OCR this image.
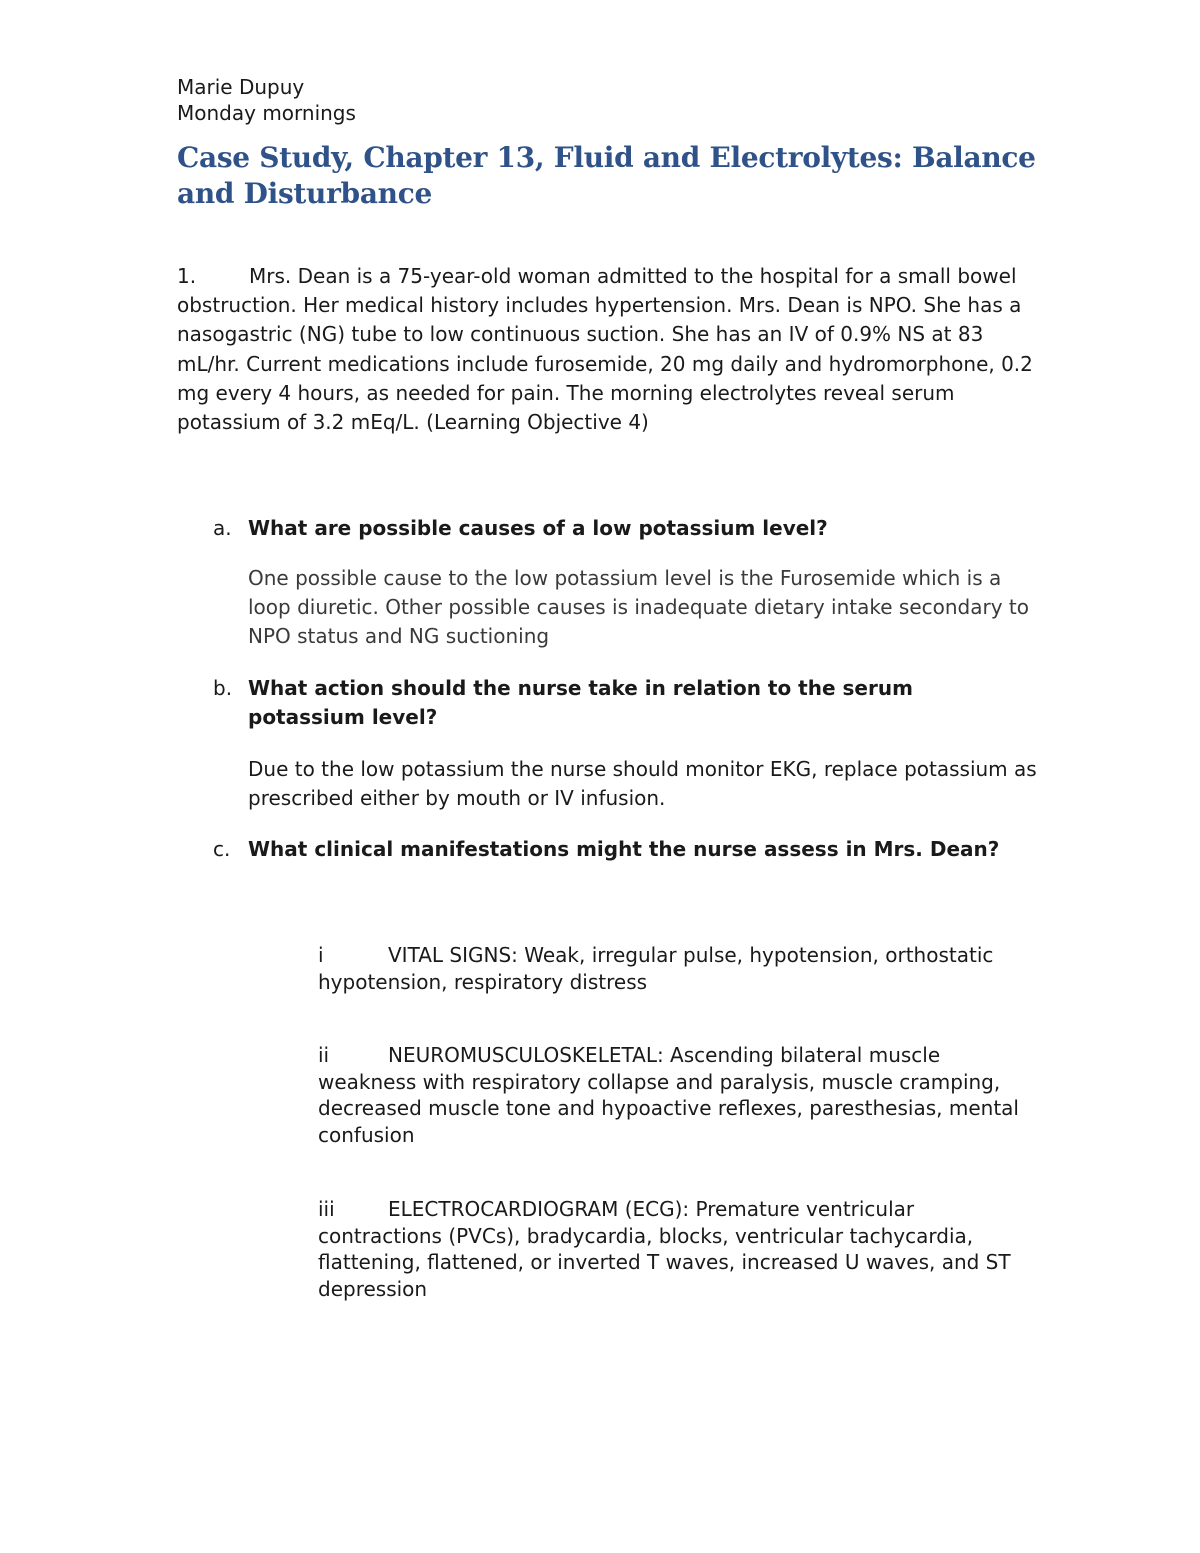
Marie Dupuy
Monday mornings
Case Study, Chapter 13, Fluid and Electrolytes: Balance and Disturbance
1.	Mrs. Dean is a 75-year-old woman admitted to the hospital for a small bowel obstruction. Her medical history includes hypertension. Mrs. Dean is NPO. She has a nasogastric (NG) tube to low continuous suction. She has an IV of 0.9% NS at 83 mL/hr. Current medications include furosemide, 20 mg daily and hydromorphone, 0.2 mg every 4 hours, as needed for pain. The morning electrolytes reveal serum potassium of 3.2 mEq/L. (Learning Objective 4)
a. What are possible causes of a low potassium level?
One possible cause to the low potassium level is the Furosemide which is a loop diuretic. Other possible causes is inadequate dietary intake secondary to NPO status and NG suctioning
b. What action should the nurse take in relation to the serum potassium level?
Due to the low potassium the nurse should monitor EKG, replace potassium as prescribed either by mouth or IV infusion.
c. What clinical manifestations might the nurse assess in Mrs. Dean?
i	VITAL SIGNS: Weak, irregular pulse, hypotension, orthostatic hypotension, respiratory distress
ii	NEUROMUSCULOSKELETAL: Ascending bilateral muscle weakness with respiratory collapse and paralysis, muscle cramping, decreased muscle tone and hypoactive reflexes, paresthesias, mental confusion
iii	ELECTROCARDIOGRAM (ECG): Premature ventricular contractions (PVCs), bradycardia, blocks, ventricular tachycardia, flattening, flattened, or inverted T waves, increased U waves, and ST depression
